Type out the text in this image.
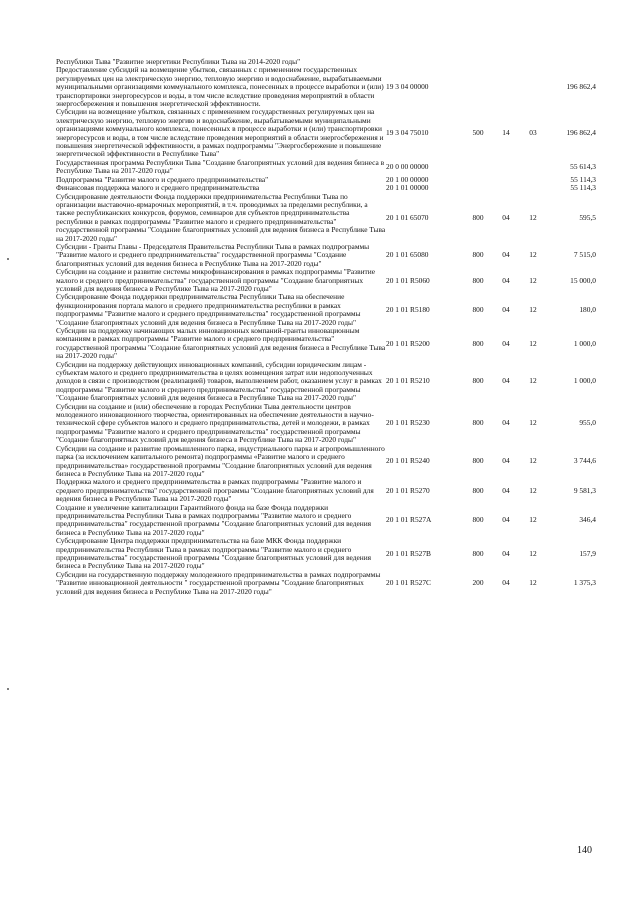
Республики Тыва "Развитие энергетики Республики Тыва на 2014-2020 годы"					
Предоставление субсидий на возмещение убытков, связанных с применением государственных регулируемых цен на электрическую энергию, тепловую энергию и водоснабжение, вырабатываемыми муниципальными организациями коммунального комплекса, понесенных в процессе выработки и (или) транспортировки энергоресурсов и воды, в том числе вследствие проведения мероприятий в области энергосбережения и повышения энергетической эффективности.	19 3 04 00000				196 862,4
Субсидии на возмещение убытков, связанных с применением государственных регулируемых цен на электрическую энергию, тепловую энергию и водоснабжение, вырабатываемыми муниципальными организациями коммунального комплекса, понесенных в процессе выработки и (или) транспортировки энергоресурсов и воды, в том числе вследствие проведения мероприятий в области энергосбережения и повышения энергетической эффективности, в рамках подпрограммы "Энергосбережение и повышение энергетической эффективности в Республике Тыва"	19 3 04 75010	500	14	03	196 862,4
Государственная программа Республики Тыва "Создание благоприятных условий для ведения бизнеса в Республике Тыва на 2017-2020 годы"	20 0 00 00000				55 614,3
Подпрограмма "Развитие малого и среднего предпринимательства"	20 1 00 00000				55 114,3
Финансовая поддержка малого и среднего предпринимательства	20 1 01 00000				55 114,3
Субсидирование деятельности Фонда поддержки предпринимательства Республики Тыва по организации выставочно-ярмарочных мероприятий, в т.ч. проводимых за пределами республики, а также республиканских конкурсов, форумов, семинаров для субъектов предпринимательства республики в рамках подпрограммы "Развитие малого и среднего предпринимательства" государственной программы "Создание благоприятных условий для ведения бизнеса в Республике Тыва на 2017-2020 годы"	20 1 01 65070	800	04	12	595,5
Субсидии - Гранты Главы - Председателя Правительства Республики Тыва в рамках подпрограммы "Развитие малого и среднего предпринимательства" государственной программы "Создание благоприятных условий для ведения бизнеса в Республике Тыва на 2017-2020 годы"	20 1 01 65080	800	04	12	7 515,0
Субсидии на создание и развитие системы микрофинансирования в рамках подпрограммы "Развитие малого и среднего предпринимательства" государственной программы "Создание благоприятных условий для ведения бизнеса в Республике Тыва на 2017-2020 годы"	20 1 01 R5060	800	04	12	15 000,0
Субсидирование Фонда поддержки предпринимательства Республики Тыва на обеспечение функционирования портала малого и среднего предпринимательства республики в рамках подпрограммы "Развитие малого и среднего предпринимательства" государственной программы "Создание благоприятных условий для ведения бизнеса в Республике Тыва на 2017-2020 годы"	20 1 01 R5180	800	04	12	180,0
Субсидии на поддержку начинающих малых инновационных компаний-гранты инновационным компаниям в рамках подпрограммы "Развитие малого и среднего предпринимательства" государственной программы "Создание благоприятных условий для ведения бизнеса в Республике Тыва на 2017-2020 годы"	20 1 01 R5200	800	04	12	1 000,0
Субсидии на поддержку действующих инновационных компаний, субсидии юридическим лицам - субъектам малого и среднего предпринимательства в целях возмещения затрат или недополученных доходов в связи с производством (реализацией) товаров, выполнением работ, оказанием услуг в рамках подпрограммы "Развитие малого и среднего предпринимательства" государственной программы "Создание благоприятных условий для ведения бизнеса в Республике Тыва на 2017-2020 годы"	20 1 01 R5210	800	04	12	1 000,0
Субсидии на создание и (или) обеспечение в городах Республики Тыва деятельности центров молодежного инновационного творчества, ориентированных на обеспечение деятельности в научно-технической сфере субъектов малого и среднего предпринимательства, детей и молодежи, в рамках подпрограммы "Развитие малого и среднего предпринимательства" государственной программы "Создание благоприятных условий для ведения бизнеса в Республике Тыва на 2017-2020 годы"	20 1 01 R5230	800	04	12	955,0
Субсидии на создание и развитие промышленного парка, индустриального парка и агропромышленного парка (за исключением капитального ремонта) подпрограммы «Развитие малого и среднего предпринимательства» государственной программы "Создание благоприятных условий для ведения бизнеса в Республике Тыва на 2017-2020 годы"	20 1 01 R5240	800	04	12	3 744,6
Поддержка малого и среднего предпринимательства в рамках подпрограммы "Развитие малого и среднего предпринимательства" государственной программы "Создание благоприятных условий для ведения бизнеса в Республике Тыва на 2017-2020 годы"	20 1 01 R5270	800	04	12	9 581,3
Создание и увеличение капитализации Гарантийного фонда на базе Фонда поддержки предпринимательства Республики Тыва в рамках подпрограммы "Развитие малого и среднего предпринимательства" государственной программы "Создание благоприятных условий для ведения бизнеса в Республике Тыва на 2017-2020 годы"	20 1 01 R527A	800	04	12	346,4
Субсидирование Центра поддержки предпринимательства на базе МКК Фонда поддержки предпринимательства Республики Тыва в рамках подпрограммы "Развитие малого и среднего предпринимательства" государственной программы "Создание благоприятных условий для ведения бизнеса в Республике Тыва на 2017-2020 годы"	20 1 01 R527B	800	04	12	157,9
Субсидии на государственную поддержку молодежного предпринимательства в рамках подпрограммы "Развитие инновационной деятельности " государственной программы "Создание благоприятных условий для ведения бизнеса в Республике Тыва на 2017-2020 годы"	20 1 01 R527C	200	04	12	1 375,3
140
